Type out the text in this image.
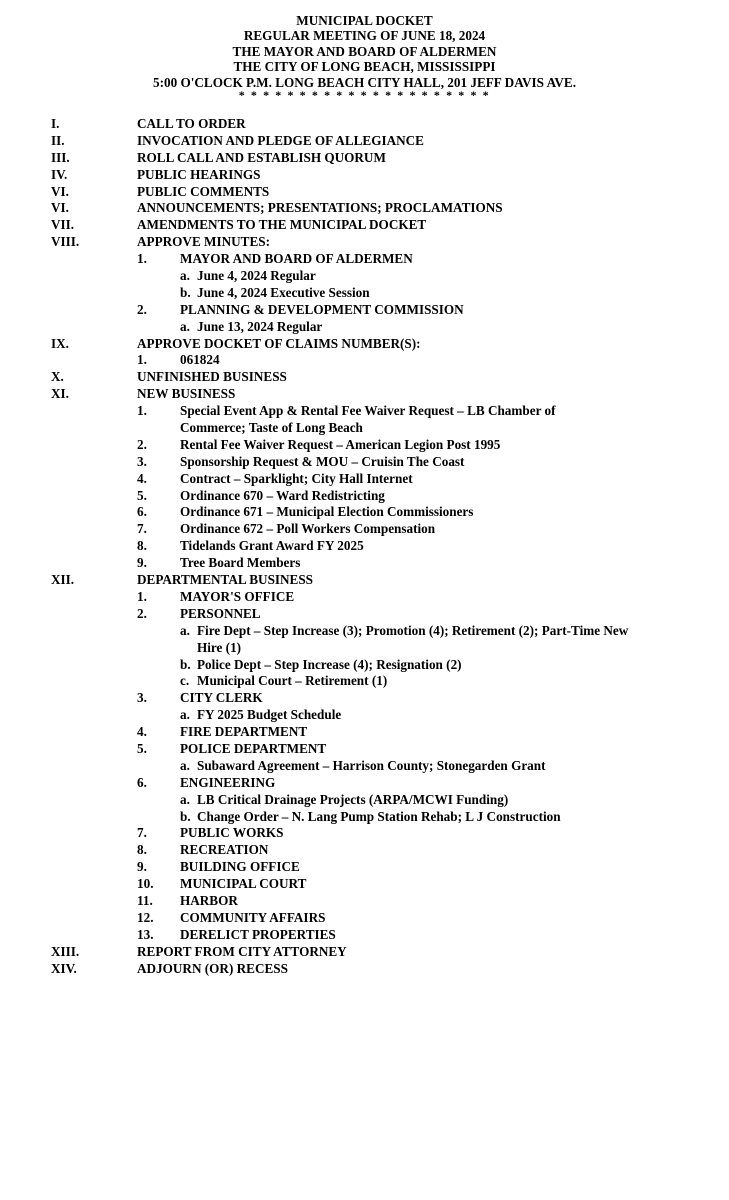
MUNICIPAL DOCKET
REGULAR MEETING OF JUNE 18, 2024
THE MAYOR AND BOARD OF ALDERMEN
THE CITY OF LONG BEACH, MISSISSIPPI
5:00 O'CLOCK P.M. LONG BEACH CITY HALL, 201 JEFF DAVIS AVE.
* * * * * * * * * * * * * * * * * * * * *
I.	CALL TO ORDER
II.	INVOCATION AND PLEDGE OF ALLEGIANCE
III.	ROLL CALL AND ESTABLISH QUORUM
IV.	PUBLIC HEARINGS
VI.	PUBLIC COMMENTS
VI.	ANNOUNCEMENTS; PRESENTATIONS; PROCLAMATIONS
VII.	AMENDMENTS TO THE MUNICIPAL DOCKET
VIII.	APPROVE MINUTES:
1.	MAYOR AND BOARD OF ALDERMEN
a. June 4, 2024 Regular
b. June 4, 2024 Executive Session
2.	PLANNING & DEVELOPMENT COMMISSION
a. June 13, 2024 Regular
IX.	APPROVE DOCKET OF CLAIMS NUMBER(S):
1.	061824
X.	UNFINISHED BUSINESS
XI.	NEW BUSINESS
1.	Special Event App & Rental Fee Waiver Request – LB Chamber of
Commerce; Taste of Long Beach
2.	Rental Fee Waiver Request – American Legion Post 1995
3.	Sponsorship Request & MOU – Cruisin The Coast
4.	Contract – Sparklight; City Hall Internet
5.	Ordinance 670 – Ward Redistricting
6.	Ordinance 671 – Municipal Election Commissioners
7.	Ordinance 672 – Poll Workers Compensation
8.	Tidelands Grant Award FY 2025
9.	Tree Board Members
XII.	DEPARTMENTAL BUSINESS
1.	MAYOR'S OFFICE
2.	PERSONNEL
a. Fire Dept – Step Increase (3); Promotion (4); Retirement (2); Part-Time New
Hire (1)
b. Police Dept – Step Increase (4); Resignation (2)
c. Municipal Court – Retirement (1)
3.	CITY CLERK
a. FY 2025 Budget Schedule
4.	FIRE DEPARTMENT
5.	POLICE DEPARTMENT
a. Subaward Agreement – Harrison County; Stonegarden Grant
6.	ENGINEERING
a. LB Critical Drainage Projects (ARPA/MCWI Funding)
b. Change Order – N. Lang Pump Station Rehab; L J Construction
7.	PUBLIC WORKS
8.	RECREATION
9.	BUILDING OFFICE
10. MUNICIPAL COURT
11. HARBOR
12. COMMUNITY AFFAIRS
13. DERELICT PROPERTIES
XIII.	REPORT FROM CITY ATTORNEY
XIV.	ADJOURN (OR) RECESS
